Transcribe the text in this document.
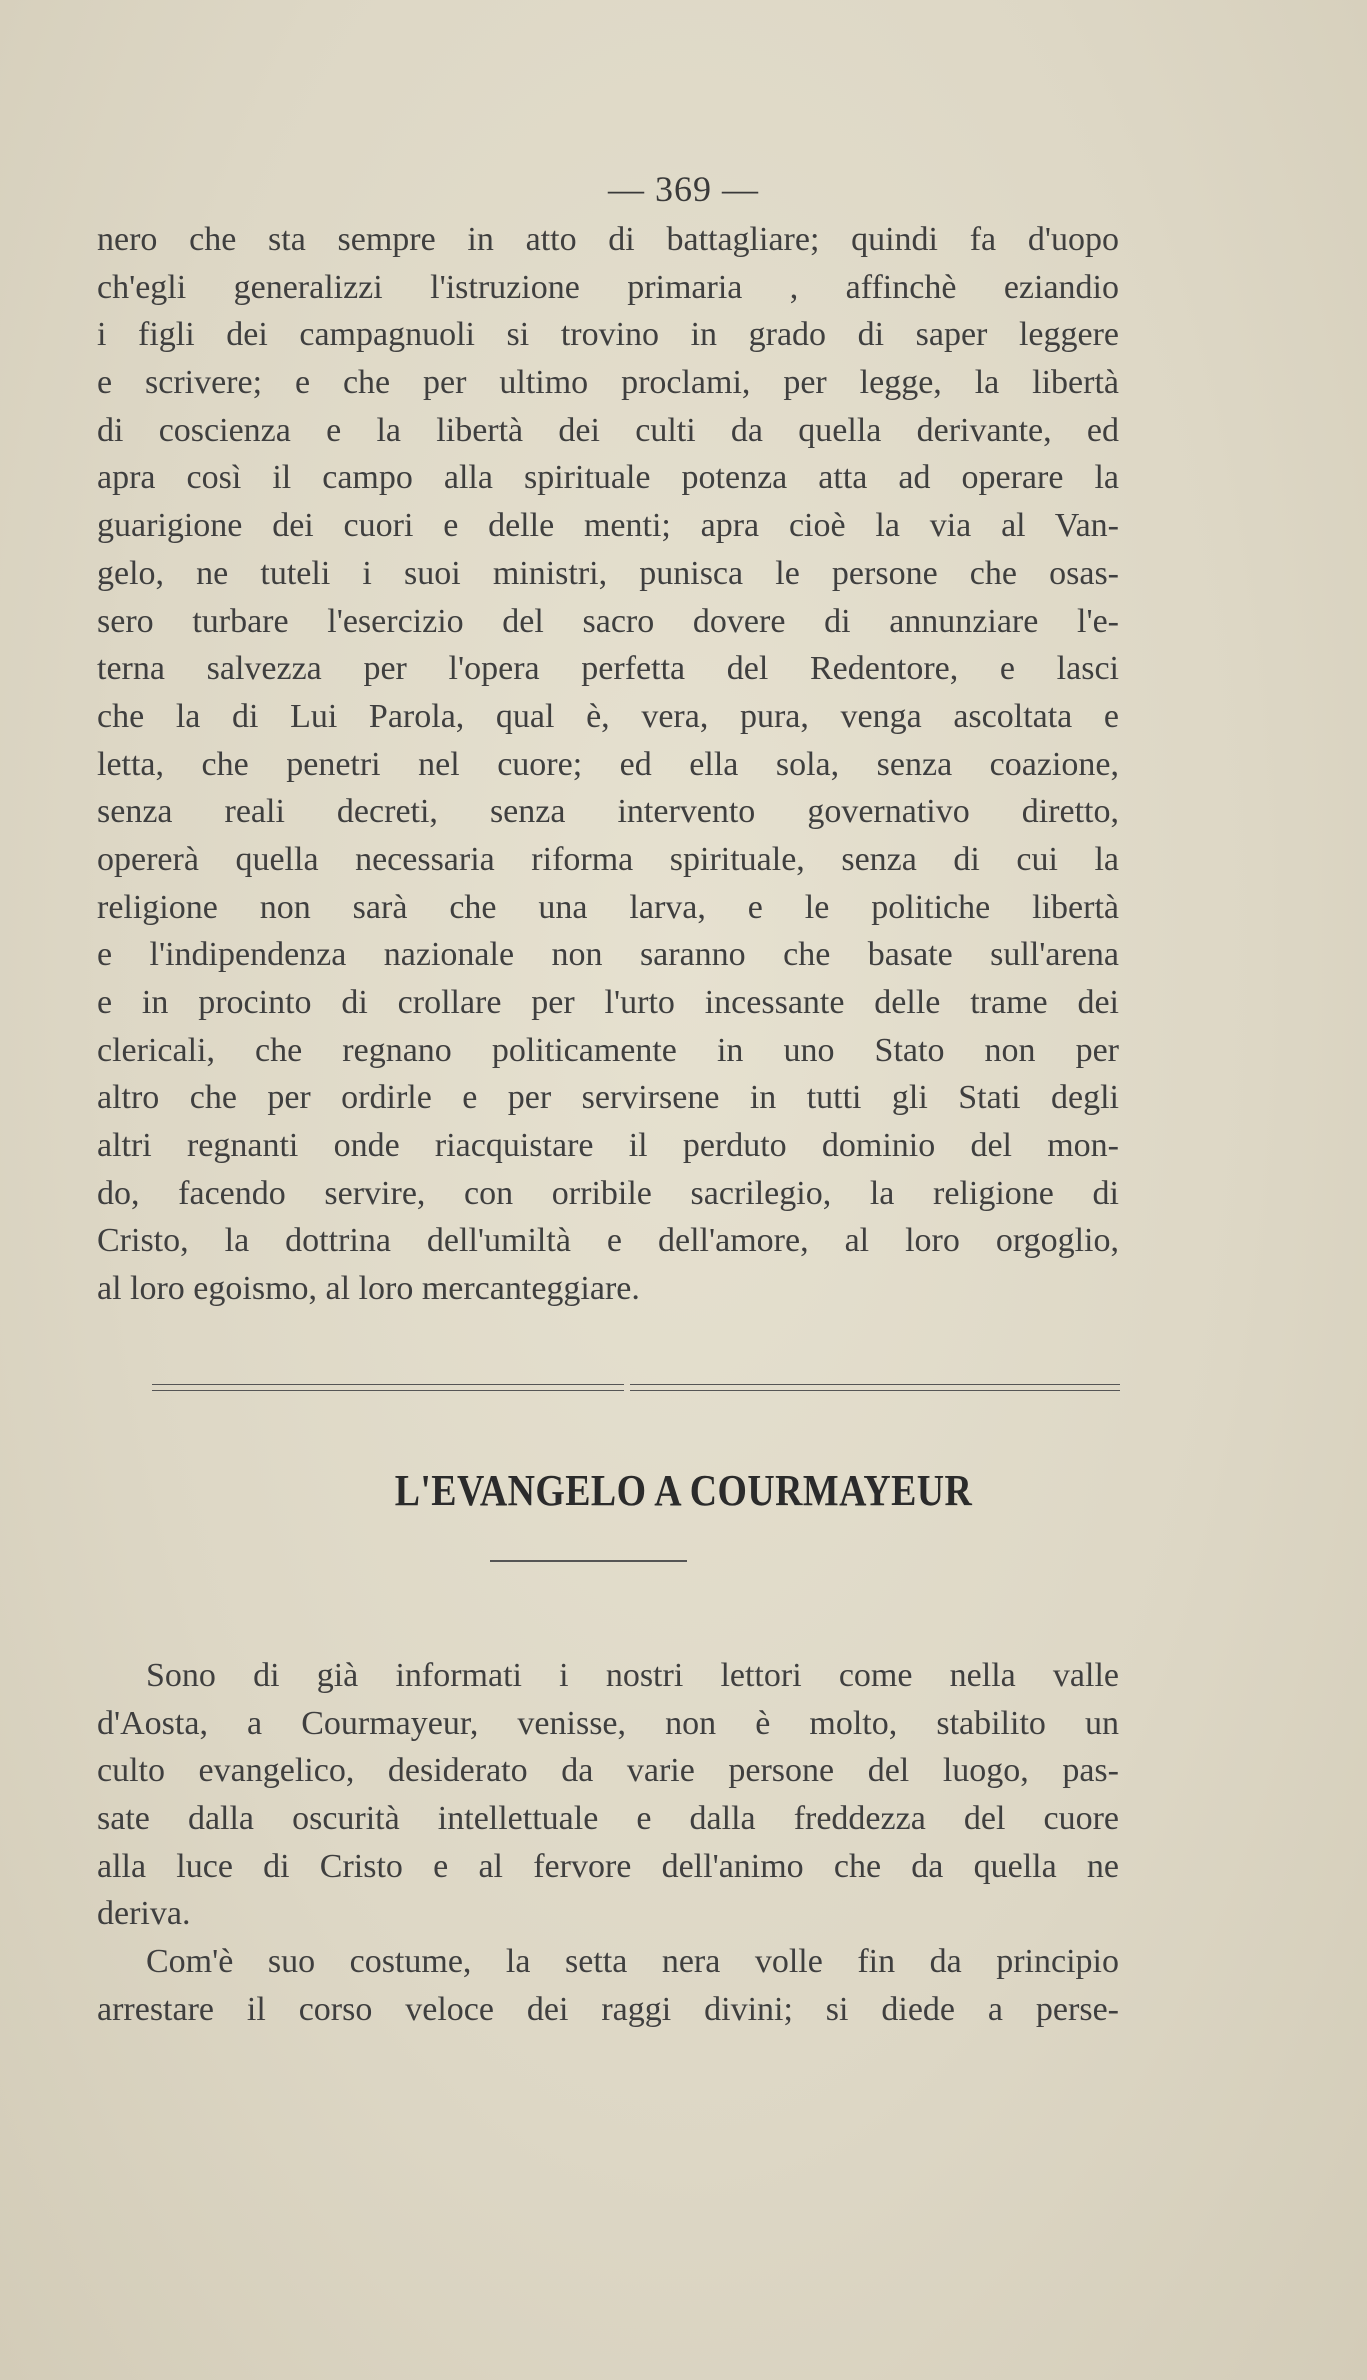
— 369 —
nero che sta sempre in atto di battagliare; quindi fa d'uopo
ch'egli generalizzi l'istruzione primaria , affinchè eziandio
i figli dei campagnuoli si trovino in grado di saper leggere
e scrivere; e che per ultimo proclami, per legge, la libertà
di coscienza e la libertà dei culti da quella derivante, ed
apra così il campo alla spirituale potenza atta ad operare la
guarigione dei cuori e delle menti; apra cioè la via al Van-
gelo, ne tuteli i suoi ministri, punisca le persone che osas-
sero turbare l'esercizio del sacro dovere di annunziare l'e-
terna salvezza per l'opera perfetta del Redentore, e lasci
che la di Lui Parola, qual è, vera, pura, venga ascoltata e
letta, che penetri nel cuore; ed ella sola, senza coazione,
senza reali decreti, senza intervento governativo diretto,
opererà quella necessaria riforma spirituale, senza di cui la
religione non sarà che una larva, e le politiche libertà
e l'indipendenza nazionale non saranno che basate sull'arena
e in procinto di crollare per l'urto incessante delle trame dei
clericali, che regnano politicamente in uno Stato non per
altro che per ordirle e per servirsene in tutti gli Stati degli
altri regnanti onde riacquistare il perduto dominio del mon-
do, facendo servire, con orribile sacrilegio, la religione di
Cristo, la dottrina dell'umiltà e dell'amore, al loro orgoglio,
al loro egoismo, al loro mercanteggiare.
L'EVANGELO A COURMAYEUR
Sono di già informati i nostri lettori come nella valle
d'Aosta, a Courmayeur, venisse, non è molto, stabilito un
culto evangelico, desiderato da varie persone del luogo, pas-
sate dalla oscurità intellettuale e dalla freddezza del cuore
alla luce di Cristo e al fervore dell'animo che da quella ne
deriva.
Com'è suo costume, la setta nera volle fin da principio
arrestare il corso veloce dei raggi divini; si diede a perse-
